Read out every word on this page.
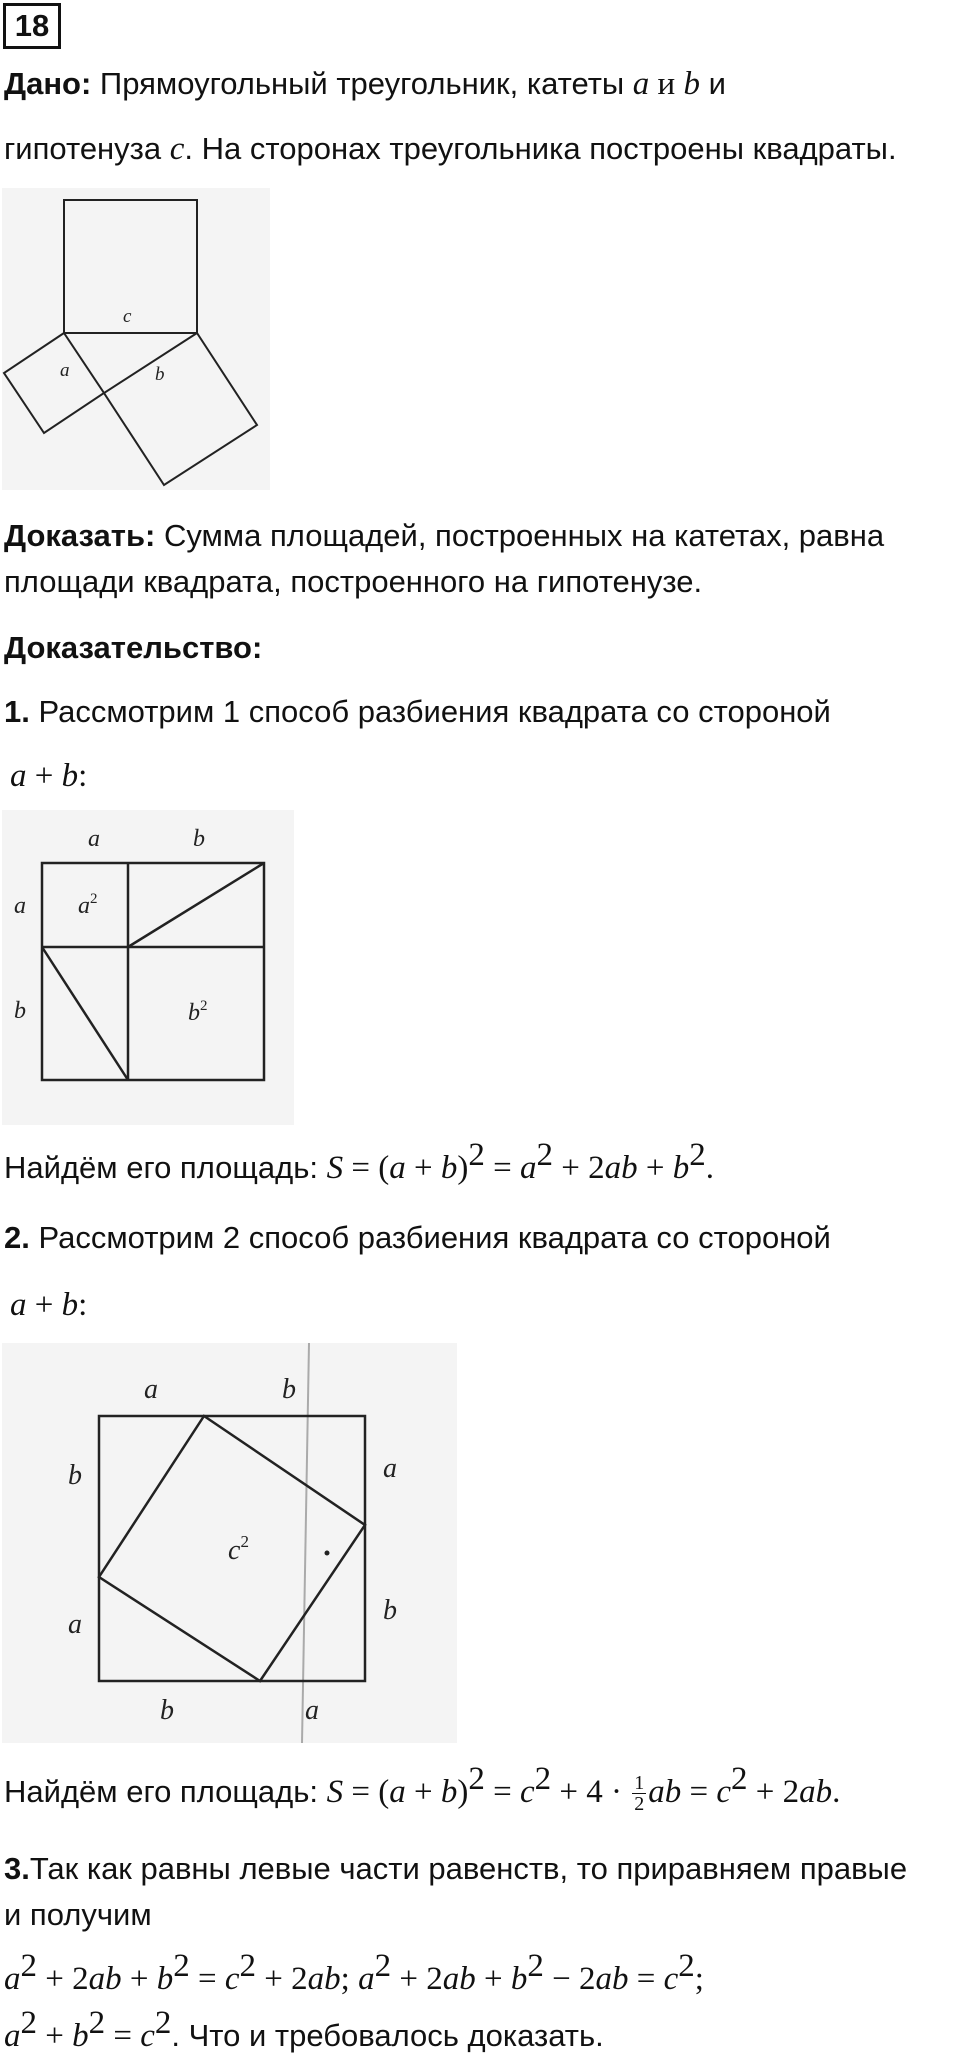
18
Дано: Прямоугольный треугольник, катеты a и b и
гипотенуза c. На сторонах треугольника построены квадраты.
c
a	b
Доказать: Сумма площадей, построенных на катетах, равна
площади квадрата, построенного на гипотенузе.
Доказательство:
1. Рассмотрим 1 способ разбиения квадрата со стороной
a + b:
a	b
a
b
$a^2$
$b^2$
Найдём его площадь: $S = (a + b)^2 = a^2 + 2ab + b^2$.
2. Рассмотрим 2 способ разбиения квадрата со стороной
a + b:
a	b
a
b
b
a
b	a
$c^2$
Найдём его площадь: $S = (a + b)^2 = c^2 + 4 \cdot \frac{1}{2}$ ab = $c^2 + 2ab$.
3.Так как равны левые части равенств, то приравняем правые
и получим
$a^2 + 2ab + b^2 = c^2 + 2ab$; $a^2 + 2ab + b^2 - 2ab = c^2$;
$a^2 + b^2 = c^2$. Что и требовалось доказать.
